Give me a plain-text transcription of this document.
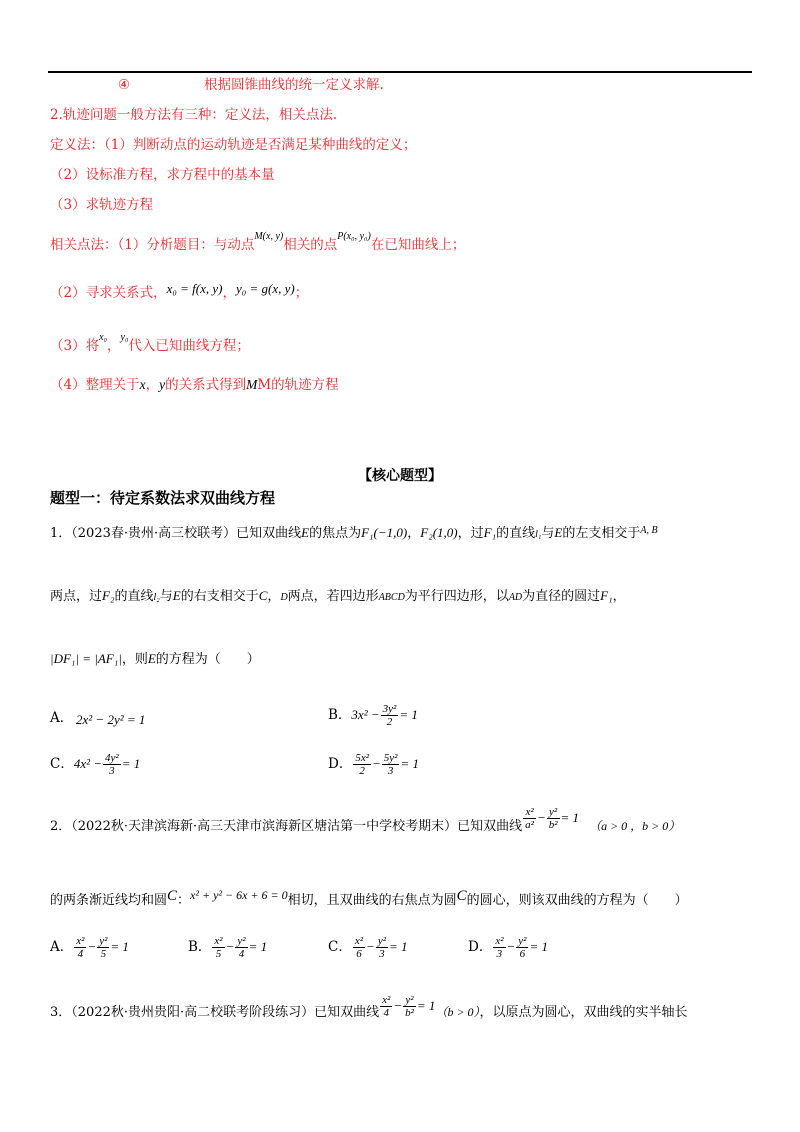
④	根据圆锥曲线的统一定义求解.
2.轨迹问题一般方法有三种：定义法，相关点法.
定义法：（1）判断动点的运动轨迹是否满足某种曲线的定义；
（2）设标准方程，求方程中的基本量
（3）求轨迹方程
相关点法：（1）分析题目：与动点$^{M(x, y)}$相关的点$^{P(x_0, y_0)}$在已知曲线上；
（2）寻求关系式，x₀ = f(x, y)，y₀ = g(x, y)；
（3）将$^{x_0}$，$^{y_0}$代入已知曲线方程；
（4）整理关于x，y的关系式得到MM的轨迹方程
【核心题型】
题型一：待定系数法求双曲线方程
1．（2023春·贵州·高三校联考）已知双曲线E的焦点为F₁(−1,0)，F₂(1,0)，过F₁的直线l₁与E的左支相交于$^{A, B}$
两点，过F₂的直线l₂与E的右支相交于C，D两点，若四边形ABCD为平行四边形，以AD为直径的圆过F₁，
|DF₁| = |AF₁|，则E的方程为（　　）
A． 2x² − 2y² = 1	B．$3x^2 - \frac{\text{3y²}}{2} = 1$
C．$4x^2 - \frac{\text{4y²}}{3} = 1$	D． $\frac{\text{5x²}}{2} - \frac{\text{5y²}}{3} = 1$
2．（2022秋·天津滨海新·高三天津市滨海新区塘沽第一中学校考期末）已知双曲线 $\frac{\text{x²}}{\text{a²}} - \frac{\text{y²}}{\text{b²}} = 1(a > 0$ ，b > 0）
的两条渐近线均和圆C：x² + y² − 6x + 6 = 0相切，且双曲线的右焦点为圆C的圆心，则该双曲线的方程为（　　）
A． $\frac{\text{x²}}{4} - \frac{\text{y²}}{5} = 1$	B． $\frac{\text{x²}}{5} - \frac{\text{y²}}{4} = 1$	C． $\frac{\text{x²}}{6} - \frac{\text{y²}}{3} = 1$	D． $\frac{\text{x²}}{3} - \frac{\text{y²}}{6} = 1$
3．（2022秋·贵州贵阳·高二校联考阶段练习）已知双曲线 $\frac{\text{x²}}{4} - \frac{\text{y²}}{\text{b²}} = 1(b > 0)$，以原点为圆心，双曲线的实半轴长
